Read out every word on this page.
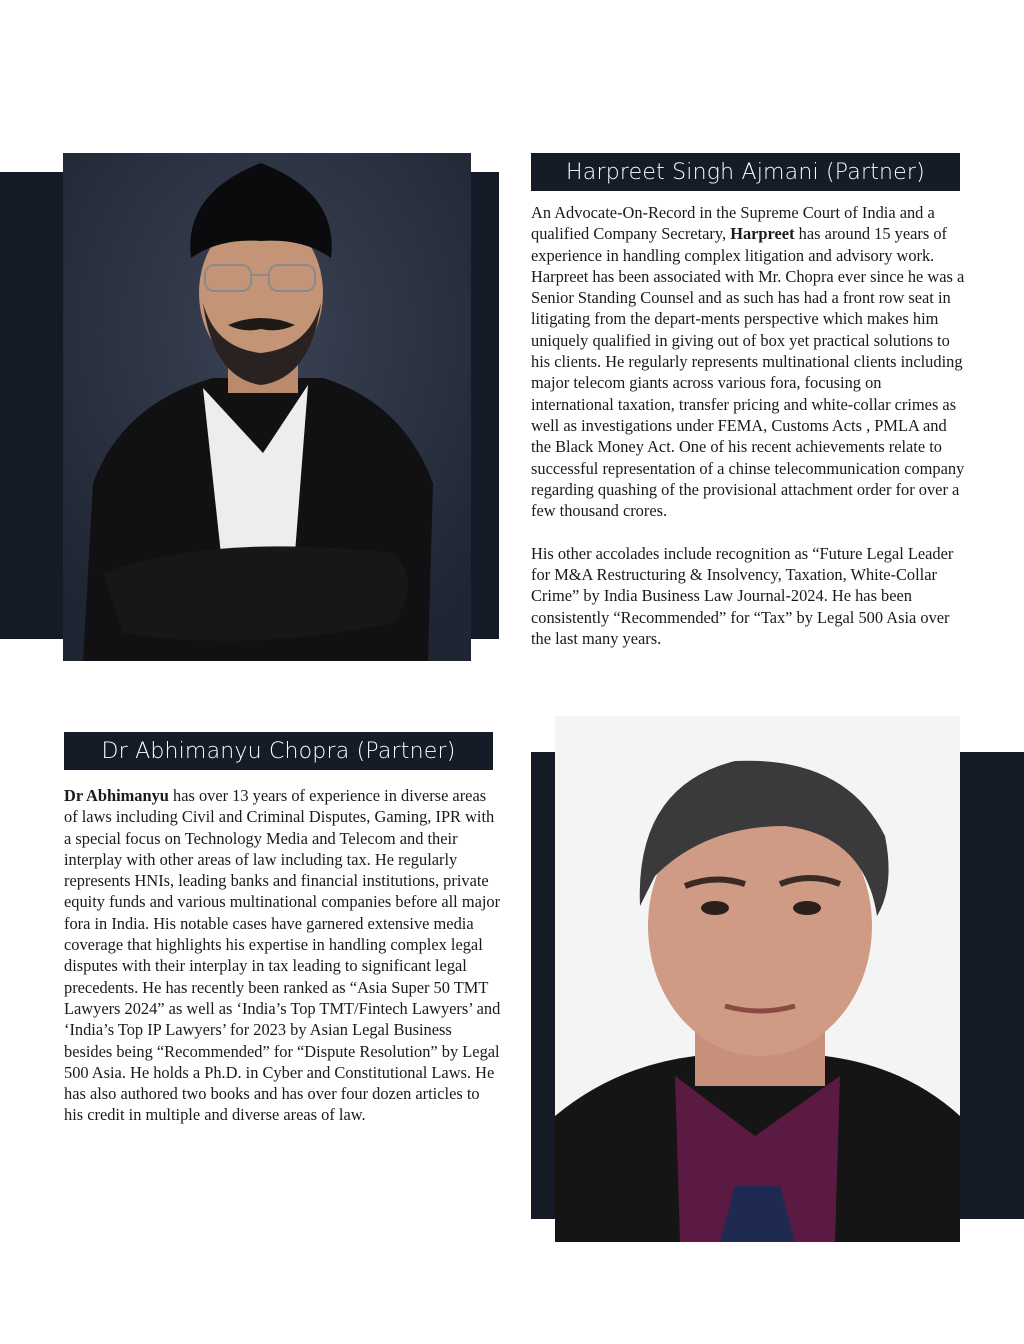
Harpreet Singh Ajmani (Partner)

An Advocate-On-Record in the Supreme Court of India and a qualified Company Secretary, Harpreet has around 15 years of experience in handling complex litigation and advisory work. Harpreet has been associated with Mr. Chopra ever since he was a Senior Standing Counsel and as such has had a front row seat in litigating from the depart-ments perspective which makes him uniquely qualified in giving out of box yet practical solutions to his clients. He regularly represents multinational clients including major telecom giants across various fora, focusing on international taxation, transfer pricing and white-collar crimes as well as investigations under FEMA, Customs Acts , PMLA and the Black Money Act. One of his recent achievements relate to successful representation of a chinse telecommunication company regarding quashing of the provisional attachment order for over a few thousand crores.

His other accolades include recognition as “Future Legal Leader for M&A Restructuring & Insolvency, Taxation, White-Collar Crime” by India Business Law Journal-2024. He has been consistently “Recommended” for “Tax” by Legal 500 Asia over the last many years.

Dr Abhimanyu Chopra (Partner)

Dr Abhimanyu has over 13 years of experience in diverse areas of laws including Civil and Criminal Disputes, Gaming, IPR with a special focus on Technology Media and Telecom and their interplay with other areas of law including tax. He regularly represents HNIs, leading banks and financial institutions, private equity funds and various multinational companies before all major fora in India. His notable cases have garnered extensive media coverage that highlights his expertise in handling complex legal disputes with their interplay in tax leading to significant legal precedents. He has recently been ranked as “Asia Super 50 TMT Lawyers 2024” as well as ‘India’s Top TMT/Fintech Lawyers’ and ‘India’s Top IP Lawyers’ for 2023 by Asian Legal Business besides being “Recommended” for “Dispute Resolution” by Legal 500 Asia. He holds a Ph.D. in Cyber and Constitutional Laws. He has also authored two books and has over four dozen articles to his credit in multiple and diverse areas of law.
